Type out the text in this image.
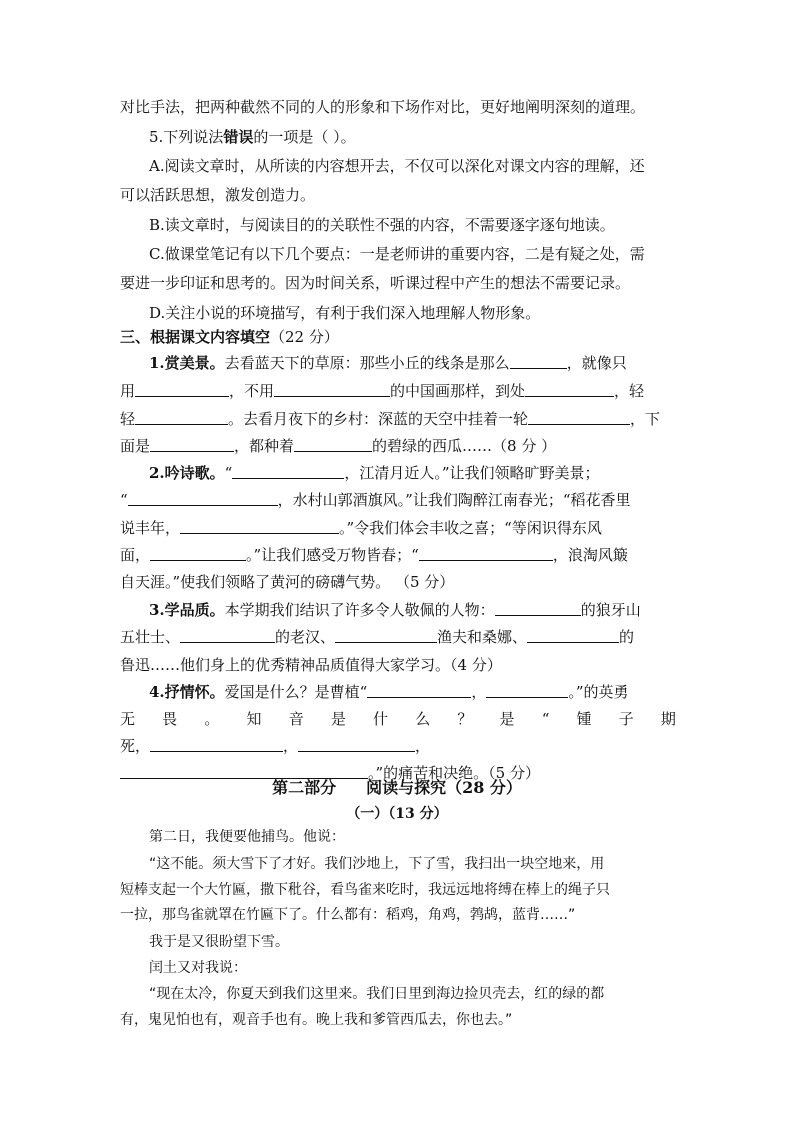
对比手法，把两种截然不同的人的形象和下场作对比，更好地阐明深刻的道理。
5.下列说法错误的一项是（ ）。
A.阅读文章时，从所读的内容想开去，不仅可以深化对课文内容的理解，还
可以活跃思想，激发创造力。
B.读文章时，与阅读目的的关联性不强的内容，不需要逐字逐句地读。
C.做课堂笔记有以下几个要点：一是老师讲的重要内容，二是有疑之处，需
要进一步印证和思考的。因为时间关系，听课过程中产生的想法不需要记录。
D.关注小说的环境描写，有利于我们深入地理解人物形象。
三、根据课文内容填空（22 分）
1.赏美景。去看蓝天下的草原：那些小丘的线条是那么	，就像只
用	，不用	的中国画那样，到处	，轻
轻	。去看月夜下的乡村：深蓝的天空中挂着一轮	，下
面是	，都种着	的碧绿的西瓜……（8 分 ）
2.吟诗歌。“	，江清月近人。”让我们领略旷野美景；
“	，水村山郭酒旗风。”让我们陶醉江南春光；“稻花香里
说丰年，	。”令我们体会丰收之喜；“等闲识得东风
面，	。”让我们感受万物皆春；“	，浪淘风簸
自天涯。”使我们领略了黄河的磅礴气势。 （5 分）
3.学品质。本学期我们结识了许多令人敬佩的人物：	的狼牙山
五壮士、	的老汉、	渔夫和桑娜、	的
鲁迅……他们身上的优秀精神品质值得大家学习。（4 分）
4.抒情怀。爱国是什么？是曹植“	，	。”的英勇
无 畏 。 知 音 是 什 么 ？ 是 “ 锺 子 期
死，	，	，
。”的痛苦和决绝。（5 分）
第二部分 阅读与探究（28 分）
（一）（13 分）
第二日，我便要他捕鸟。他说：
“这不能。须大雪下了才好。我们沙地上，下了雪，我扫出一块空地来，用
短棒支起一个大竹匾，撒下秕谷，看鸟雀来吃时，我远远地将缚在棒上的绳子只
一拉，那鸟雀就罩在竹匾下了。什么都有：稻鸡，角鸡，鹁鸪，蓝背……”
我于是又很盼望下雪。
闰土又对我说：
“现在太冷，你夏天到我们这里来。我们日里到海边捡贝壳去，红的绿的都
有，鬼见怕也有，观音手也有。晚上我和爹管西瓜去，你也去。”
